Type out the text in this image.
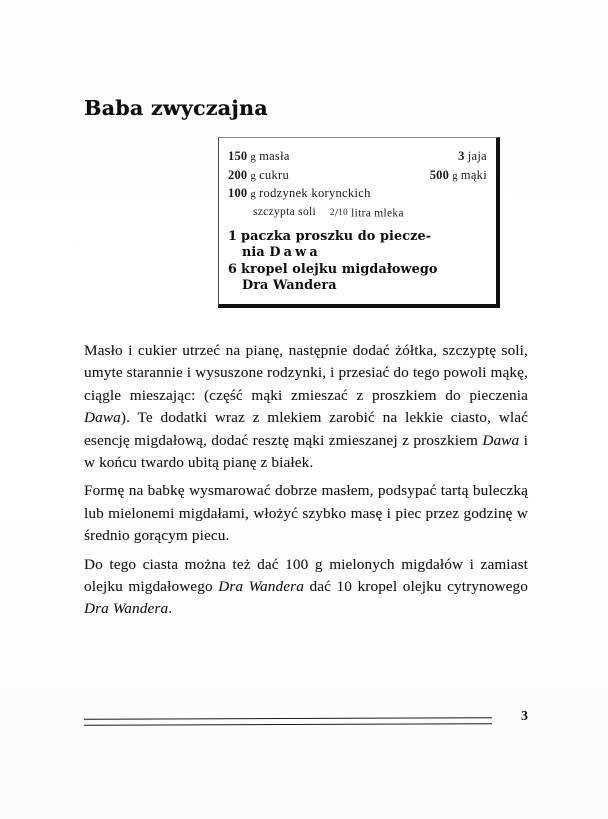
Baba zwyczajna
150 g masła	3 jaja
200 g cukru	500 g mąki
100 g rodzynek korynckich
szczypta soli 2/10 litra mleka
1 paczka proszku do piecze-
nia Dawa
6 kropel olejku migdałowego
Dra Wandera

Masło i cukier utrzeć na pianę, następnie dodać żółtka, szczyptę soli, umyte starannie i wysuszone rodzynki, i przesiać do tego powoli mąkę, ciągle mieszając: (część mąki zmieszać z proszkiem do pieczenia Dawa). Te dodatki wraz z mlekiem zarobić na lekkie ciasto, wlać esencję migdałową, dodać resztę mąki zmieszanej z proszkiem Dawa i w końcu twardo ubitą pianę z białek.

Formę na babkę wysmarować dobrze masłem, podsypać tartą buleczką lub mielonemi migdałami, włożyć szybko masę i piec przez godzinę w średnio gorącym piecu.

Do tego ciasta można też dać 100 g mielonych migdałów i zamiast olejku migdałowego Dra Wandera dać 10 kropel olejku cytrynowego Dra Wandera.

3
